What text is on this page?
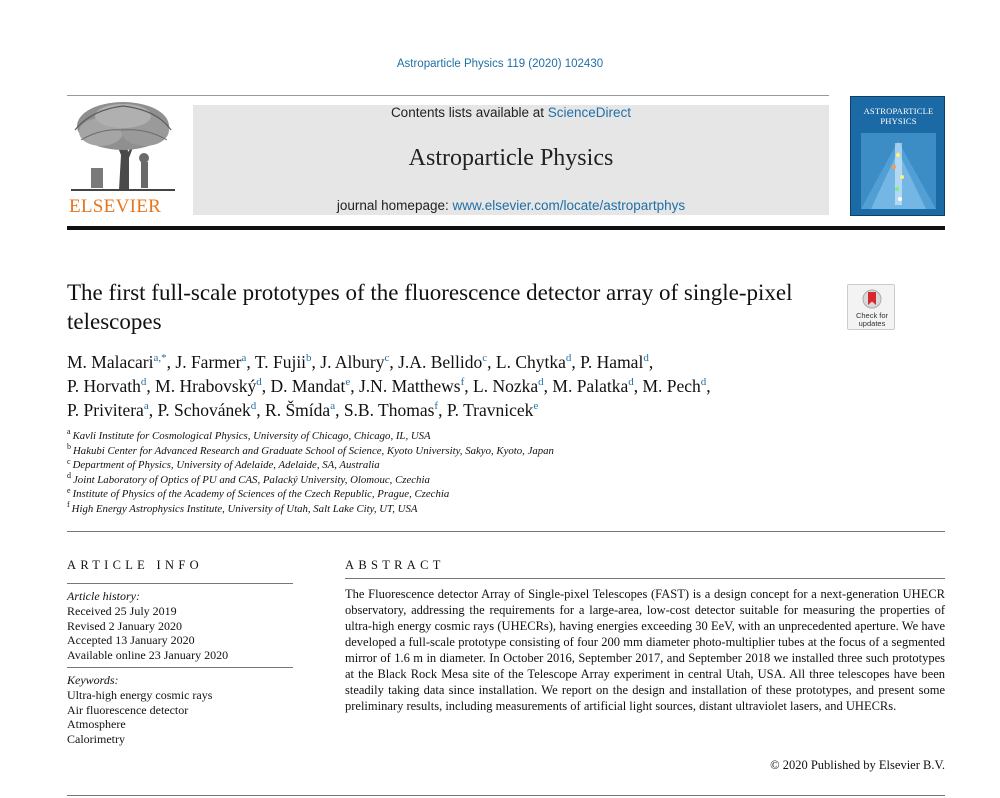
Astroparticle Physics 119 (2020) 102430
ELSEVIER
Contents lists available at ScienceDirect
Astroparticle Physics
journal homepage: www.elsevier.com/locate/astropartphys
ASTROPARTICLE
PHYSICS
The first full-scale prototypes of the fluorescence detector array of single-pixel telescopes	Check for
updates
M. Malacari$^{a,*}$, J. Farmer$^a$, T. Fujii$^b$, J. Albury$^c$, J.A. Bellido$^c$, L. Chytka$^d$, P. Hamal$^d$,
P. Horvath$^d$, M. Hrabovský$^d$, D. Mandat$^e$, J.N. Matthews$^f$, L. Nozka$^d$, M. Palatka$^d$, M. Pech$^d$,
P. Privitera$^a$, P. Schovánek$^d$, R. Šmída$^a$, S.B. Thomas$^f$, P. Travnicek$^e$
$^a$ Kavli Institute for Cosmological Physics, University of Chicago, Chicago, IL, USA
$^b$ Hakubi Center for Advanced Research and Graduate School of Science, Kyoto University, Sakyo, Kyoto, Japan
$^c$ Department of Physics, University of Adelaide, Adelaide, SA, Australia
$^d$ Joint Laboratory of Optics of PU and CAS, Palacký University, Olomouc, Czechia
$^e$ Institute of Physics of the Academy of Sciences of the Czech Republic, Prague, Czechia
$^f$ High Energy Astrophysics Institute, University of Utah, Salt Lake City, UT, USA
ARTICLE INFO
Article history:
Received 25 July 2019
Revised 2 January 2020
Accepted 13 January 2020
Available online 23 January 2020
Keywords:
Ultra-high energy cosmic rays
Air fluorescence detector
Atmosphere
Calorimetry
ABSTRACT

The Fluorescence detector Array of Single-pixel Telescopes (FAST) is a design concept for a next-generation UHECR observatory, addressing the requirements for a large-area, low-cost detector suitable for measuring the properties of ultra-high energy cosmic rays (UHECRs), having energies exceeding 30 EeV, with an unprecedented aperture. We have developed a full-scale prototype consisting of four 200 mm diameter photo-multiplier tubes at the focus of a segmented mirror of 1.6 m in diameter. In October 2016, September 2017, and September 2018 we installed three such prototypes at the Black Rock Mesa site of the Telescope Array experiment in central Utah, USA. All three telescopes have been steadily taking data since installation. We report on the design and installation of these prototypes, and present some preliminary results, including measurements of artificial light sources, distant ultraviolet lasers, and UHECRs.

© 2020 Published by Elsevier B.V.
